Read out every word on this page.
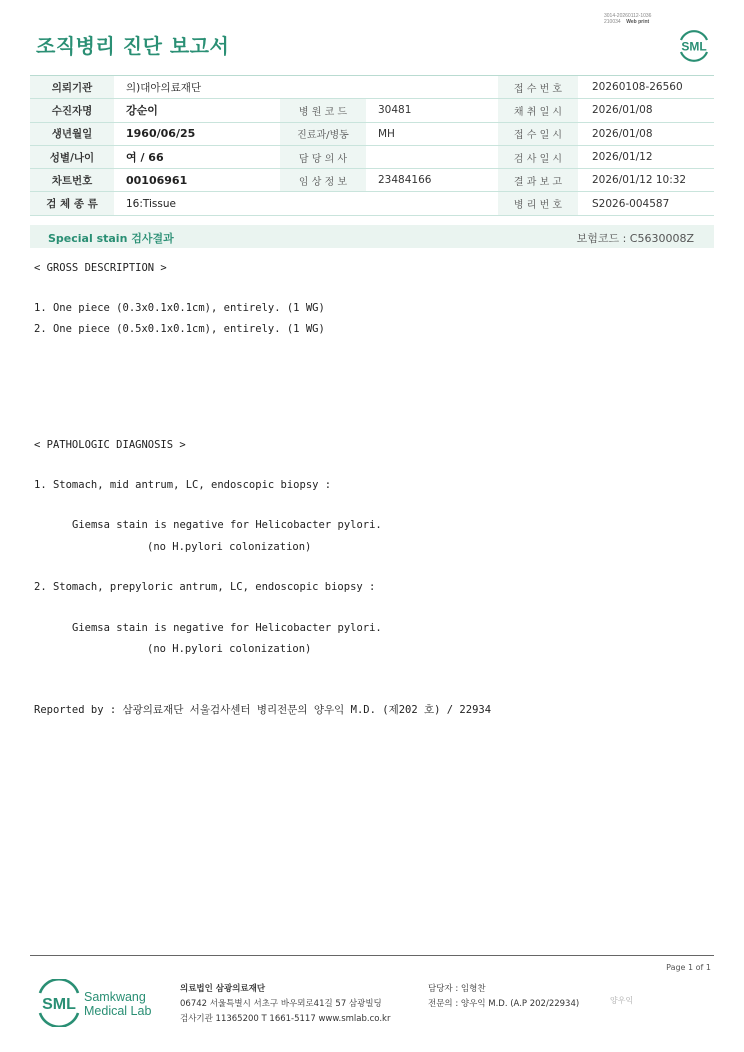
3014-20260112-1036
210034 Web print
조직병리 진단 보고서	SML
의뢰기관	의)대아의료재단			접 수 번 호	20260108-26560
수진자명	강순이	병 원 코 드	30481	채 취 일 시	2026/01/08
생년월일	1960/06/25	진료과/병동	MH	접 수 일 시	2026/01/08
성별/나이	여 / 66	담 당 의 사		검 사 일 시	2026/01/12
차트번호	00106961	임 상 정 보	23484166	결 과 보 고	2026/01/12 10:32
검 체 종 류	16:Tissue			병 리 번 호	S2026-004587
Special stain 검사결과	보험코드 : C5630008Z
< GROSS DESCRIPTION >
1. One piece (0.3x0.1x0.1cm), entirely. (1 WG)
2. One piece (0.5x0.1x0.1cm), entirely. (1 WG)
< PATHOLOGIC DIAGNOSIS >
1. Stomach, mid antrum, LC, endoscopic biopsy :
Giemsa stain is negative for Helicobacter pylori.
(no H.pylori colonization)
2. Stomach, prepyloric antrum, LC, endoscopic biopsy :
Giemsa stain is negative for Helicobacter pylori.
(no H.pylori colonization)
Reported by : 삼광의료재단 서울검사센터 병리전문의 양우익 M.D. (제202 호) / 22934
Page 1 of 1
SML Samkwang
Medical Lab
의료법인 삼광의료재단
06742 서울특별시 서초구 바우뫼로41길 57 삼광빌딩
검사기관 11365200 T 1661-5117 www.smlab.co.kr
담당자 : 임형찬
전문의 : 양우익 M.D. (A.P 202/22934)	양우익
